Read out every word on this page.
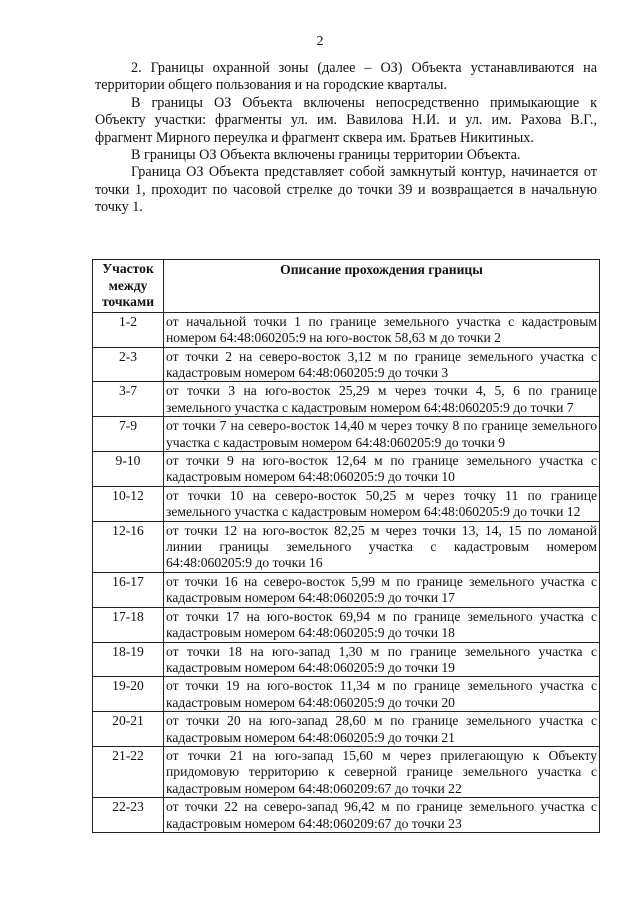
2

2. Границы охранной зоны (далее – ОЗ) Объекта устанавливаются на территории общего пользования и на городские кварталы.

В границы ОЗ Объекта включены непосредственно примыкающие к Объекту участки: фрагменты ул. им. Вавилова Н.И. и ул. им. Рахова В.Г., фрагмент Мирного переулка и фрагмент сквера им. Братьев Никитиных.

В границы ОЗ Объекта включены границы территории Объекта.

Граница ОЗ Объекта представляет собой замкнутый контур, начинается от точки 1, проходит по часовой стрелке до точки 39 и возвращается в начальную точку 1.

Участок между точками	Описание прохождения границы
1-2	от начальной точки 1 по границе земельного участка с кадастровым номером 64:48:060205:9 на юго-восток 58,63 м до точки 2
2-3	от точки 2 на северо-восток 3,12 м по границе земельного участка с кадастровым номером 64:48:060205:9 до точки 3
3-7	от точки 3 на юго-восток 25,29 м через точки 4, 5, 6 по границе земельного участка с кадастровым номером 64:48:060205:9 до точки 7
7-9	от точки 7 на северо-восток 14,40 м через точку 8 по границе земельного участка с кадастровым номером 64:48:060205:9 до точки 9
9-10	от точки 9 на юго-восток 12,64 м по границе земельного участка с кадастровым номером 64:48:060205:9 до точки 10
10-12	от точки 10 на северо-восток 50,25 м через точку 11 по границе земельного участка с кадастровым номером 64:48:060205:9 до точки 12
12-16	от точки 12 на юго-восток 82,25 м через точки 13, 14, 15 по ломаной линии границы земельного участка с кадастровым номером 64:48:060205:9 до точки 16
16-17	от точки 16 на северо-восток 5,99 м по границе земельного участка с кадастровым номером 64:48:060205:9 до точки 17
17-18	от точки 17 на юго-восток 69,94 м по границе земельного участка с кадастровым номером 64:48:060205:9 до точки 18
18-19	от точки 18 на юго-запад 1,30 м по границе земельного участка с кадастровым номером 64:48:060205:9 до точки 19
19-20	от точки 19 на юго-восток 11,34 м по границе земельного участка с кадастровым номером 64:48:060205:9 до точки 20
20-21	от точки 20 на юго-запад 28,60 м по границе земельного участка с кадастровым номером 64:48:060205:9 до точки 21
21-22	от точки 21 на юго-запад 15,60 м через прилегающую к Объекту придомовую территорию к северной границе земельного участка с кадастровым номером 64:48:060209:67 до точки 22
22-23	от точки 22 на северо-запад 96,42 м по границе земельного участка с кадастровым номером 64:48:060209:67 до точки 23
